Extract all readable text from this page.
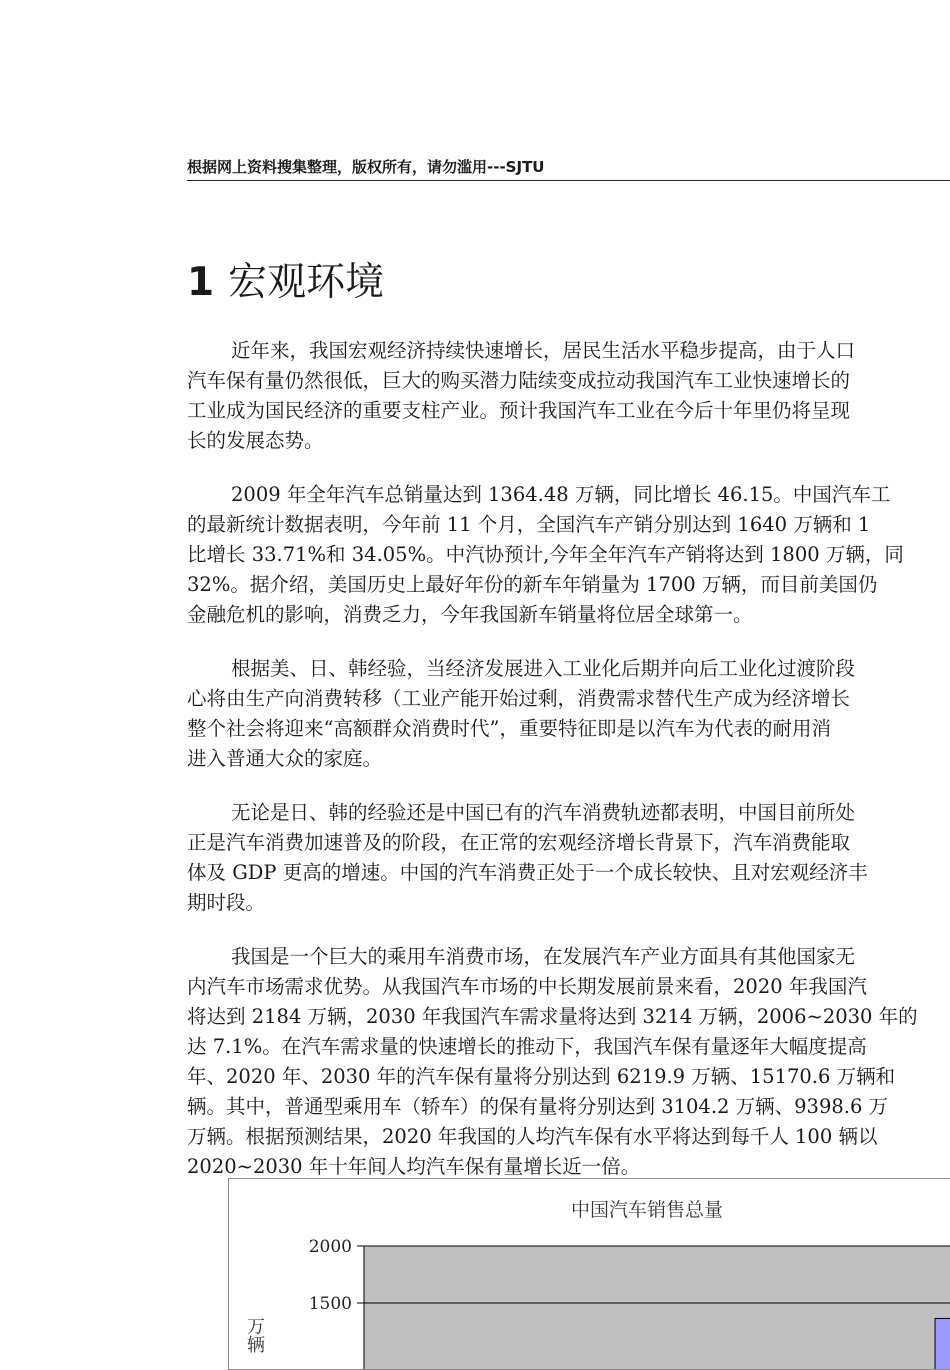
根据网上资料搜集整理，版权所有，请勿滥用---SJTU
1 宏观环境
近年来，我国宏观经济持续快速增长，居民生活水平稳步提高，由于人口
汽车保有量仍然很低，巨大的购买潜力陆续变成拉动我国汽车工业快速增长的
工业成为国民经济的重要支柱产业。预计我国汽车工业在今后十年里仍将呈现
长的发展态势。
2009 年全年汽车总销量达到 1364.48 万辆，同比增长 46.15。中国汽车工
的最新统计数据表明，今年前 11 个月，全国汽车产销分别达到 1640 万辆和 1
比增长 33.71%和 34.05%。中汽协预计,今年全年汽车产销将达到 1800 万辆，同
32%。据介绍，美国历史上最好年份的新车年销量为 1700 万辆，而目前美国仍
金融危机的影响，消费乏力，今年我国新车销量将位居全球第一。
根据美、日、韩经验，当经济发展进入工业化后期并向后工业化过渡阶段
心将由生产向消费转移（工业产能开始过剩，消费需求替代生产成为经济增长
整个社会将迎来“高额群众消费时代”，重要特征即是以汽车为代表的耐用消
进入普通大众的家庭。
无论是日、韩的经验还是中国已有的汽车消费轨迹都表明，中国目前所处
正是汽车消费加速普及的阶段，在正常的宏观经济增长背景下，汽车消费能取
体及 GDP 更高的增速。中国的汽车消费正处于一个成长较快、且对宏观经济丰
期时段。
我国是一个巨大的乘用车消费市场，在发展汽车产业方面具有其他国家无
内汽车市场需求优势。从我国汽车市场的中长期发展前景来看，2020 年我国汽
将达到 2184 万辆，2030 年我国汽车需求量将达到 3214 万辆，2006~2030 年的
达 7.1%。在汽车需求量的快速增长的推动下，我国汽车保有量逐年大幅度提高
年、2020 年、2030 年的汽车保有量将分别达到 6219.9 万辆、15170.6 万辆和
辆。其中，普通型乘用车（轿车）的保有量将分别达到 3104.2 万辆、9398.6 万
万辆。根据预测结果，2020 年我国的人均汽车保有水平将达到每千人 100 辆以
2020~2030 年十年间人均汽车保有量增长近一倍。
1500
2000
中国汽车销售总量
万辆
